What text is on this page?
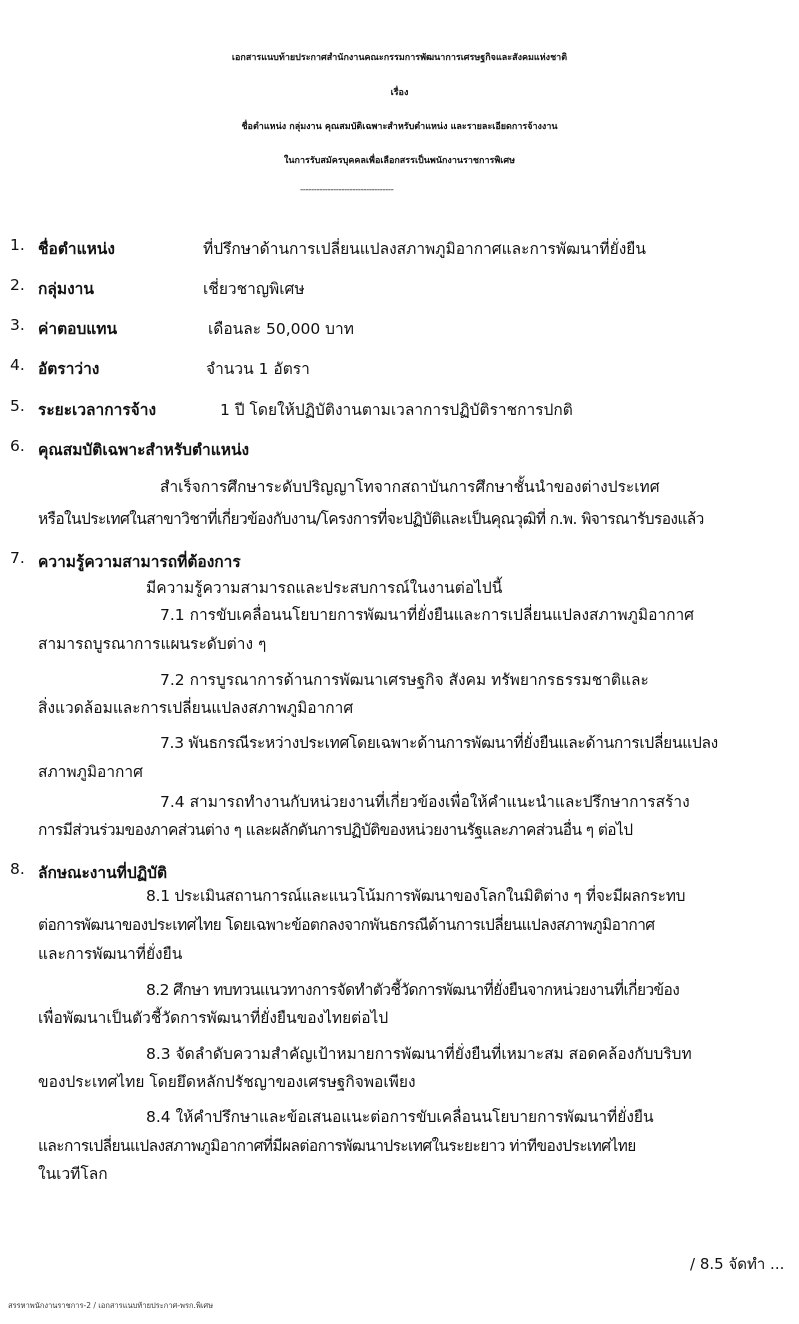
เอกสารแนบท้ายประกาศสำนักงานคณะกรรมการพัฒนาการเศรษฐกิจและสังคมแห่งชาติ
เรื่อง
ชื่อตำแหน่ง กลุ่มงาน คุณสมบัติเฉพาะสำหรับตำแหน่ง และรายละเอียดการจ้างงาน
ในการรับสมัครบุคคลเพื่อเลือกสรรเป็นพนักงานราชการพิเศษ
----------------------------------
1. ชื่อตำแหน่ง	ที่ปรึกษาด้านการเปลี่ยนแปลงสภาพภูมิอากาศและการพัฒนาที่ยั่งยืน
2. กลุ่มงาน	เชี่ยวชาญพิเศษ
3. ค่าตอบแทน	เดือนละ 50,000 บาท
4. อัตราว่าง	จำนวน 1 อัตรา
5. ระยะเวลาการจ้าง	1 ปี โดยให้ปฏิบัติงานตามเวลาการปฏิบัติราชการปกติ
6. คุณสมบัติเฉพาะสำหรับตำแหน่ง
สำเร็จการศึกษาระดับปริญญาโทจากสถาบันการศึกษาชั้นนำของต่างประเทศ
หรือในประเทศในสาขาวิชาที่เกี่ยวข้องกับงาน/โครงการที่จะปฏิบัติและเป็นคุณวุฒิที่ ก.พ. พิจารณารับรองแล้ว
7. ความรู้ความสามารถที่ต้องการ
มีความรู้ความสามารถและประสบการณ์ในงานต่อไปนี้
7.1 การขับเคลื่อนนโยบายการพัฒนาที่ยั่งยืนและการเปลี่ยนแปลงสภาพภูมิอากาศ
สามารถบูรณาการแผนระดับต่าง ๆ
7.2 การบูรณาการด้านการพัฒนาเศรษฐกิจ สังคม ทรัพยากรธรรมชาติและ
สิ่งแวดล้อมและการเปลี่ยนแปลงสภาพภูมิอากาศ
7.3 พันธกรณีระหว่างประเทศโดยเฉพาะด้านการพัฒนาที่ยั่งยืนและด้านการเปลี่ยนแปลง
สภาพภูมิอากาศ
7.4 สามารถทำงานกับหน่วยงานที่เกี่ยวข้องเพื่อให้คำแนะนำและปรึกษาการสร้าง
การมีส่วนร่วมของภาคส่วนต่าง ๆ และผลักดันการปฏิบัติของหน่วยงานรัฐและภาคส่วนอื่น ๆ ต่อไป
8. ลักษณะงานที่ปฏิบัติ
8.1 ประเมินสถานการณ์และแนวโน้มการพัฒนาของโลกในมิติต่าง ๆ ที่จะมีผลกระทบ
ต่อการพัฒนาของประเทศไทย โดยเฉพาะข้อตกลงจากพันธกรณีด้านการเปลี่ยนแปลงสภาพภูมิอากาศ
และการพัฒนาที่ยั่งยืน
8.2 ศึกษา ทบทวนแนวทางการจัดทำตัวชี้วัดการพัฒนาที่ยั่งยืนจากหน่วยงานที่เกี่ยวข้อง
เพื่อพัฒนาเป็นตัวชี้วัดการพัฒนาที่ยั่งยืนของไทยต่อไป
8.3 จัดลำดับความสำคัญเป้าหมายการพัฒนาที่ยั่งยืนที่เหมาะสม สอดคล้องกับบริบท
ของประเทศไทย โดยยึดหลักปรัชญาของเศรษฐกิจพอเพียง
8.4 ให้คำปรึกษาและข้อเสนอแนะต่อการขับเคลื่อนนโยบายการพัฒนาที่ยั่งยืน
และการเปลี่ยนแปลงสภาพภูมิอากาศที่มีผลต่อการพัฒนาประเทศในระยะยาว ท่าทีของประเทศไทย
ในเวทีโลก
/ 8.5 จัดทำ ...
สรรหาพนักงานราชการ-2 / เอกสารแนบท้ายประกาศ-พรก.พิเศษ
